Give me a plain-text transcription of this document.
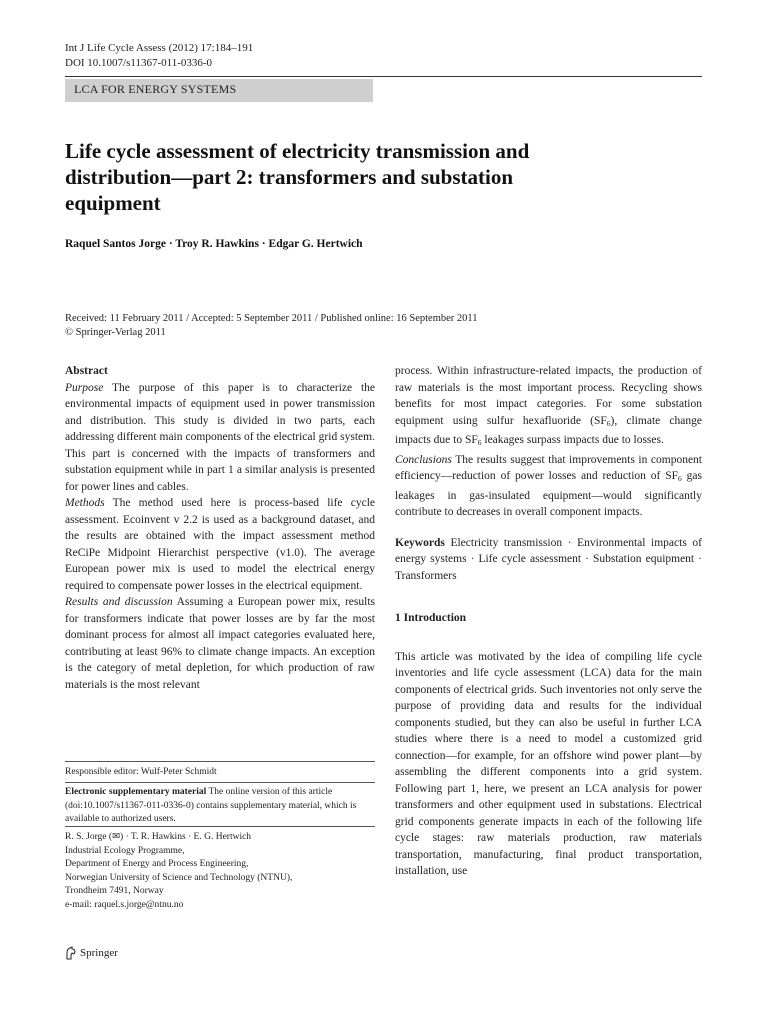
Int J Life Cycle Assess (2012) 17:184–191
DOI 10.1007/s11367-011-0336-0
LCA FOR ENERGY SYSTEMS
Life cycle assessment of electricity transmission and distribution—part 2: transformers and substation equipment
Raquel Santos Jorge · Troy R. Hawkins · Edgar G. Hertwich
Received: 11 February 2011 / Accepted: 5 September 2011 / Published online: 16 September 2011
© Springer-Verlag 2011

Abstract

Purpose The purpose of this paper is to characterize the environmental impacts of equipment used in power transmission and distribution. This study is divided in two parts, each addressing different main components of the electrical grid system. This part is concerned with the impacts of transformers and substation equipment while in part 1 a similar analysis is presented for power lines and cables.

Methods The method used here is process-based life cycle assessment. Ecoinvent v 2.2 is used as a background dataset, and the results are obtained with the impact assessment method ReCiPe Midpoint Hierarchist perspective (v1.0). The average European power mix is used to model the electrical energy required to compensate power losses in the electrical equipment.

Results and discussion Assuming a European power mix, results for transformers indicate that power losses are by far the most dominant process for almost all impact categories evaluated here, contributing at least 96% to climate change impacts. An exception is the category of metal depletion, for which production of raw materials is the most relevant

process. Within infrastructure-related impacts, the production of raw materials is the most important process. Recycling shows benefits for most impact categories. For some substation equipment using sulfur hexafluoride $(SF_6)$, climate change impacts due to $SF_6$ leakages surpass impacts due to losses.

Conclusions The results suggest that improvements in component efficiency—reduction of power losses and reduction of $SF_6$ gas leakages in gas-insulated equipment—would significantly contribute to decreases in overall component impacts.

Keywords Electricity transmission · Environmental impacts of energy systems · Life cycle assessment · Substation equipment · Transformers

1 Introduction

This article was motivated by the idea of compiling life cycle inventories and life cycle assessment (LCA) data for the main components of electrical grids. Such inventories not only serve the purpose of providing data and results for the individual components studied, but they can also be useful in further LCA studies where there is a need to model a customized grid connection—for example, for an offshore wind power plant—by assembling the different components into a grid system. Following part 1, here, we present an LCA analysis for power transformers and other equipment used in substations. Electrical grid components generate impacts in each of the following life cycle stages: raw materials production, raw materials transportation, manufacturing, final product transportation, installation, use

Responsible editor: Wulf-Peter Schmidt
Electronic supplementary material The online version of this article (doi:10.1007/s11367-011-0336-0) contains supplementary material, which is available to authorized users.
R. S. Jorge (✉) · T. R. Hawkins · E. G. Hertwich
Industrial Ecology Programme,
Department of Energy and Process Engineering,
Norwegian University of Science and Technology (NTNU),
Trondheim 7491, Norway
e-mail: raquel.s.jorge@ntnu.no
Springer
